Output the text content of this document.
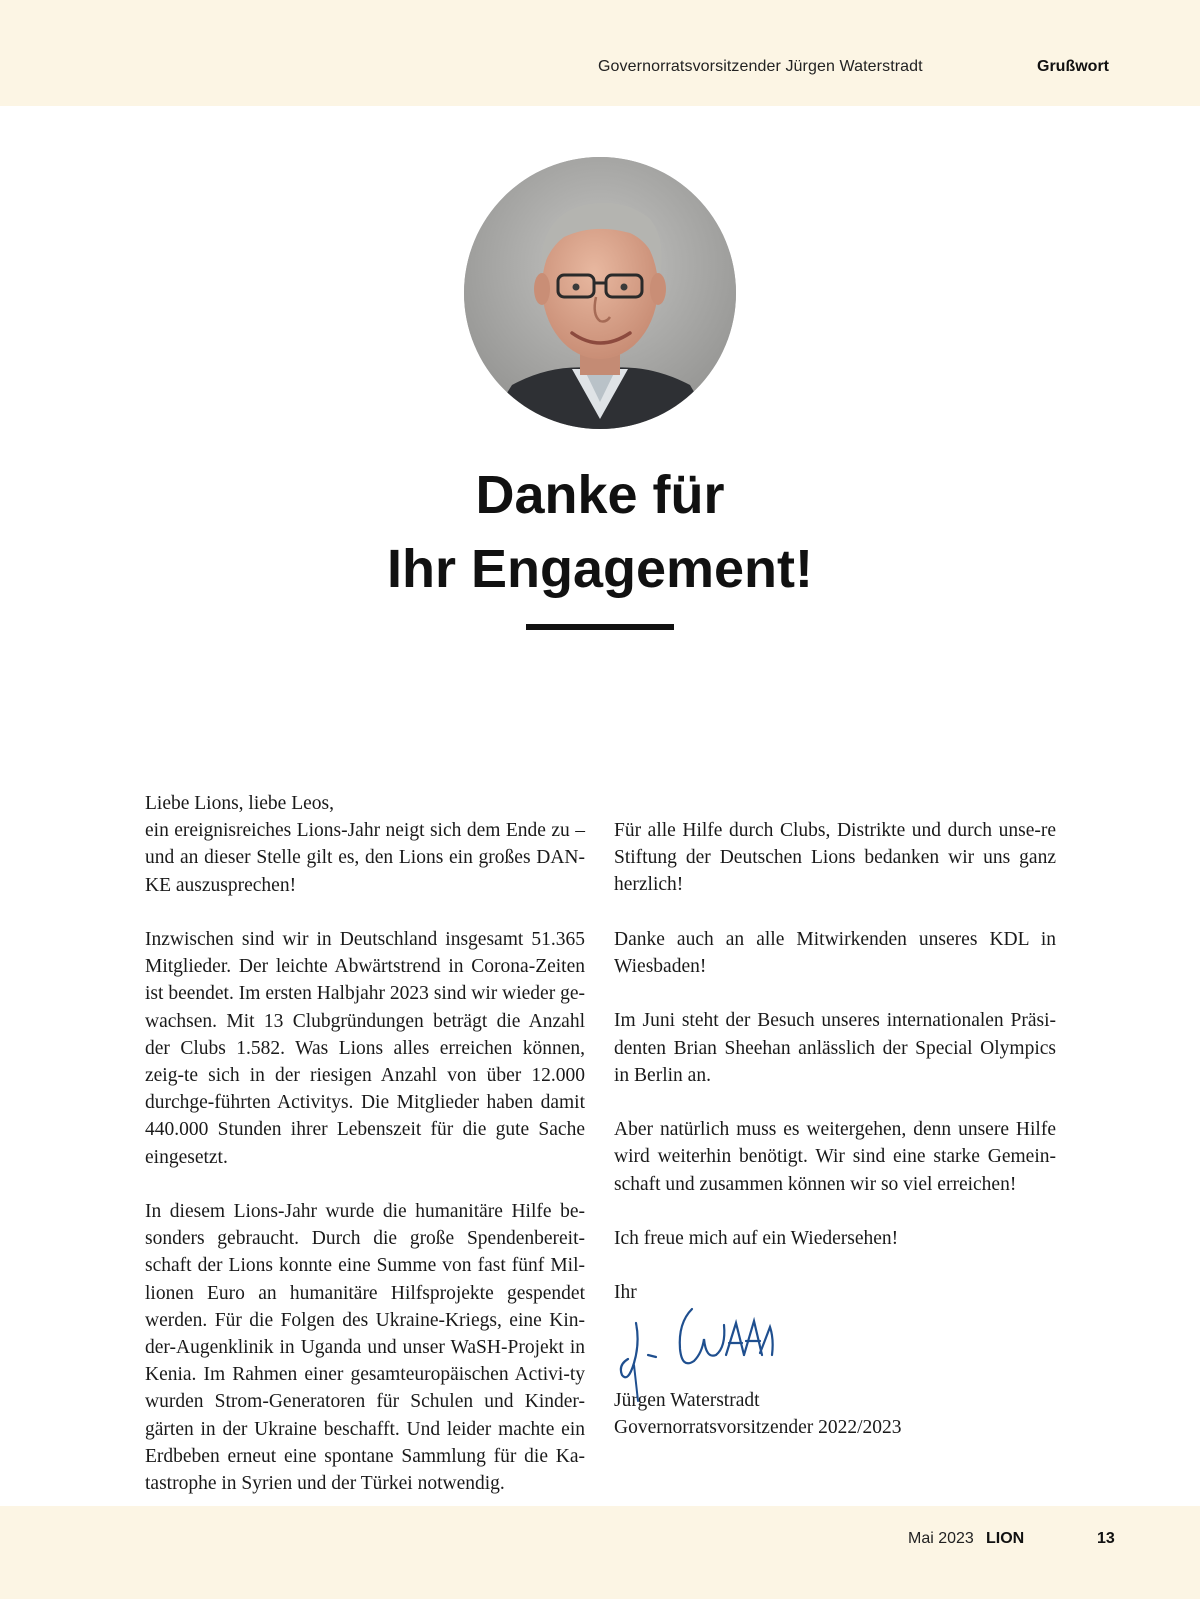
Governorratsvorsitzender Jürgen Waterstradt	Grußwort
Danke für
Ihr Engagement!

Liebe Lions, liebe Leos,

ein ereignisreiches Lions-Jahr neigt sich dem Ende zu – und an dieser Stelle gilt es, den Lions ein großes DAN-KE auszusprechen!

Inzwischen sind wir in Deutschland insgesamt 51.365 Mitglieder. Der leichte Abwärtstrend in Corona-Zeiten ist beendet. Im ersten Halbjahr 2023 sind wir wieder ge-wachsen. Mit 13 Clubgründungen beträgt die Anzahl der Clubs 1.582. Was Lions alles erreichen können, zeig-te sich in der riesigen Anzahl von über 12.000 durchge-führten Activitys. Die Mitglieder haben damit 440.000 Stunden ihrer Lebenszeit für die gute Sache eingesetzt.

In diesem Lions-Jahr wurde die humanitäre Hilfe be-sonders gebraucht. Durch die große Spendenbereit-schaft der Lions konnte eine Summe von fast fünf Mil-lionen Euro an humanitäre Hilfsprojekte gespendet werden. Für die Folgen des Ukraine-Kriegs, eine Kin-der-Augenklinik in Uganda und unser WaSH-Projekt in Kenia. Im Rahmen einer gesamteuropäischen Activi-ty wurden Strom-Generatoren für Schulen und Kinder-gärten in der Ukraine beschafft. Und leider machte ein Erdbeben erneut eine spontane Sammlung für die Ka-tastrophe in Syrien und der Türkei notwendig.

Für alle Hilfe durch Clubs, Distrikte und durch unse-re Stiftung der Deutschen Lions bedanken wir uns ganz herzlich!

Danke auch an alle Mitwirkenden unseres KDL in Wiesbaden!

Im Juni steht der Besuch unseres internationalen Präsi-denten Brian Sheehan anlässlich der Special Olympics in Berlin an.

Aber natürlich muss es weitergehen, denn unsere Hilfe wird weiterhin benötigt. Wir sind eine starke Gemein-schaft und zusammen können wir so viel erreichen!

Ich freue mich auf ein Wiedersehen!

Ihr

Jürgen Waterstradt
Governorratsvorsitzender 2022/2023
Mai 2023 LION	13
